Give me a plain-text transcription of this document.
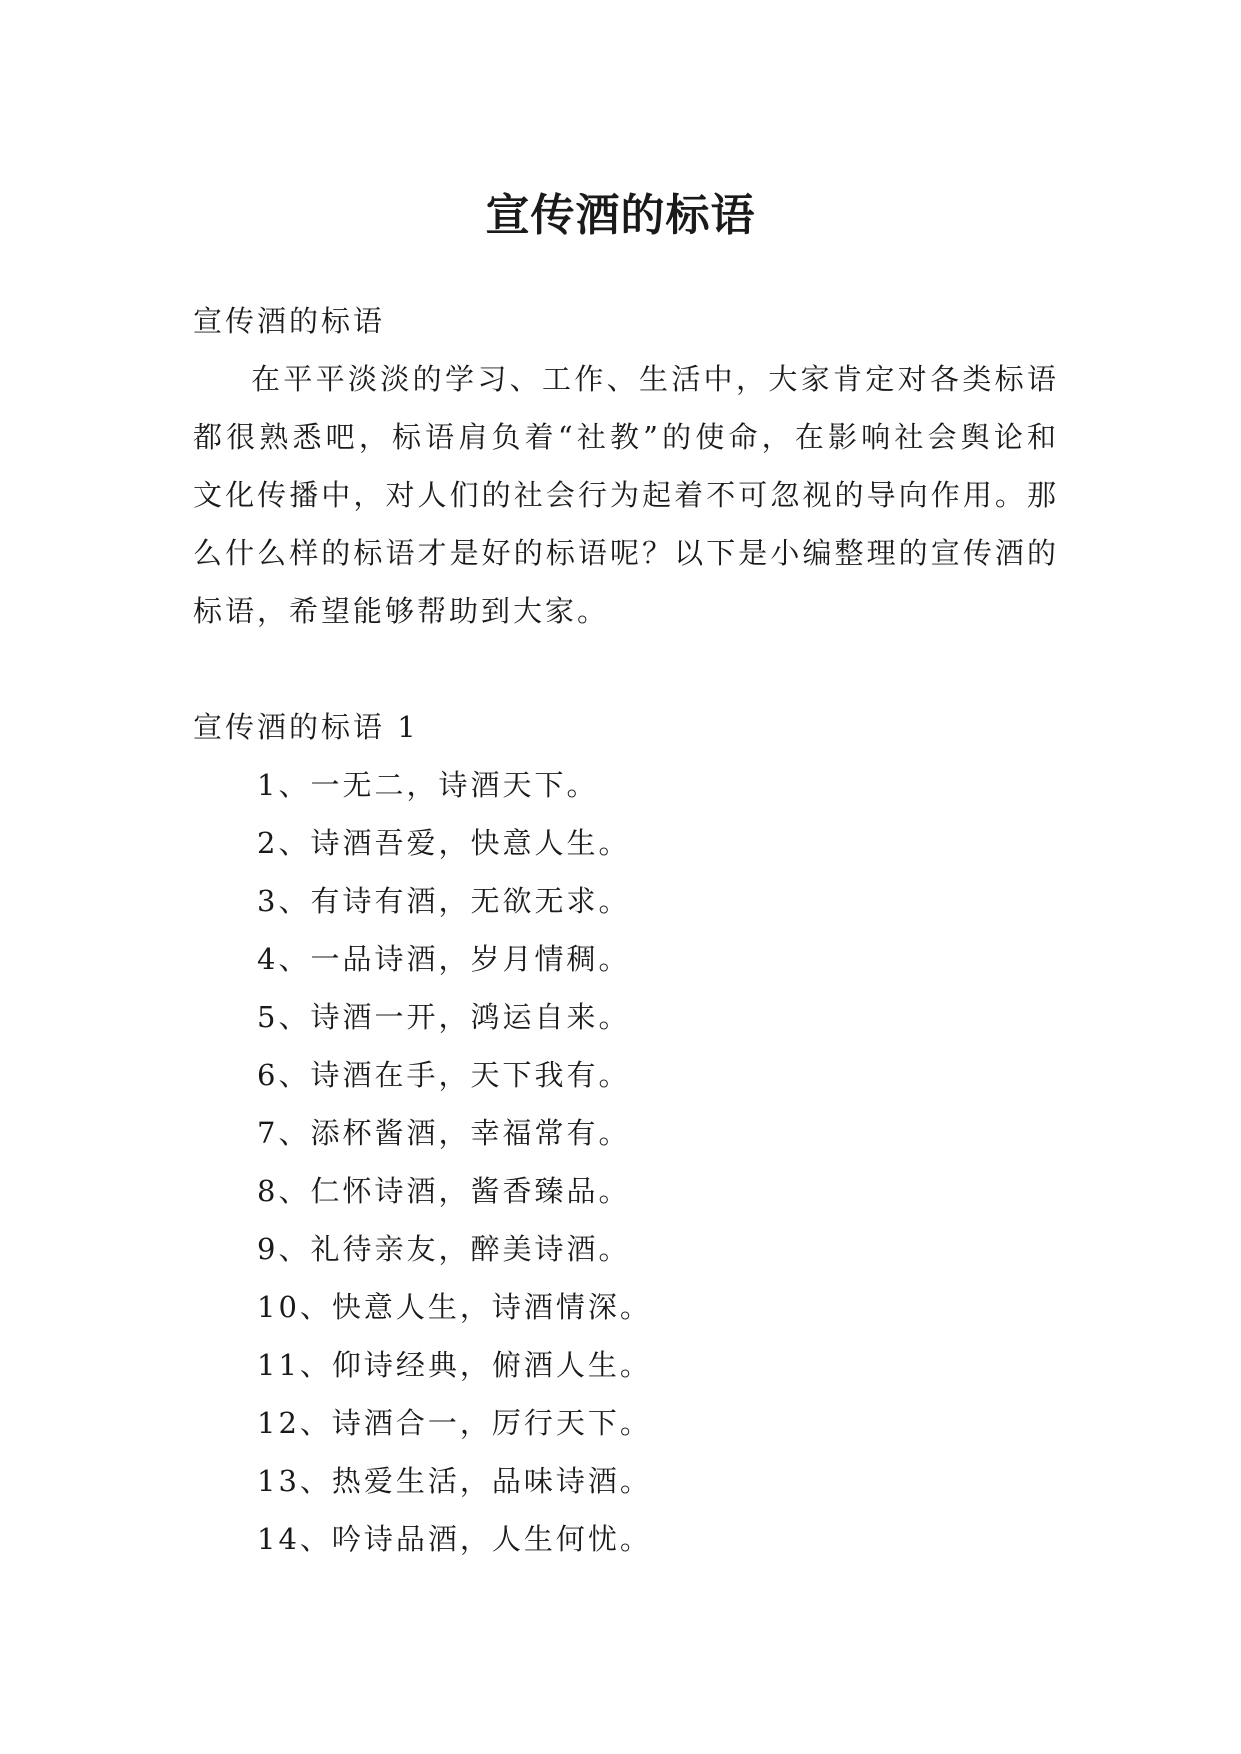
宣传酒的标语

宣传酒的标语

在平平淡淡的学习、工作、生活中，大家肯定对各类标语都很熟悉吧，标语肩负着“社教”的使命，在影响社会舆论和文化传播中，对人们的社会行为起着不可忽视的导向作用。那么什么样的标语才是好的标语呢？以下是小编整理的宣传酒的标语，希望能够帮助到大家。

宣传酒的标语 1

1、一无二，诗酒天下。
2、诗酒吾爱，快意人生。
3、有诗有酒，无欲无求。
4、一品诗酒，岁月情稠。
5、诗酒一开，鸿运自来。
6、诗酒在手，天下我有。
7、添杯酱酒，幸福常有。
8、仁怀诗酒，酱香臻品。
9、礼待亲友，醉美诗酒。
10、快意人生，诗酒情深。
11、仰诗经典，俯酒人生。
12、诗酒合一，厉行天下。
13、热爱生活，品味诗酒。
14、吟诗品酒，人生何忧。
